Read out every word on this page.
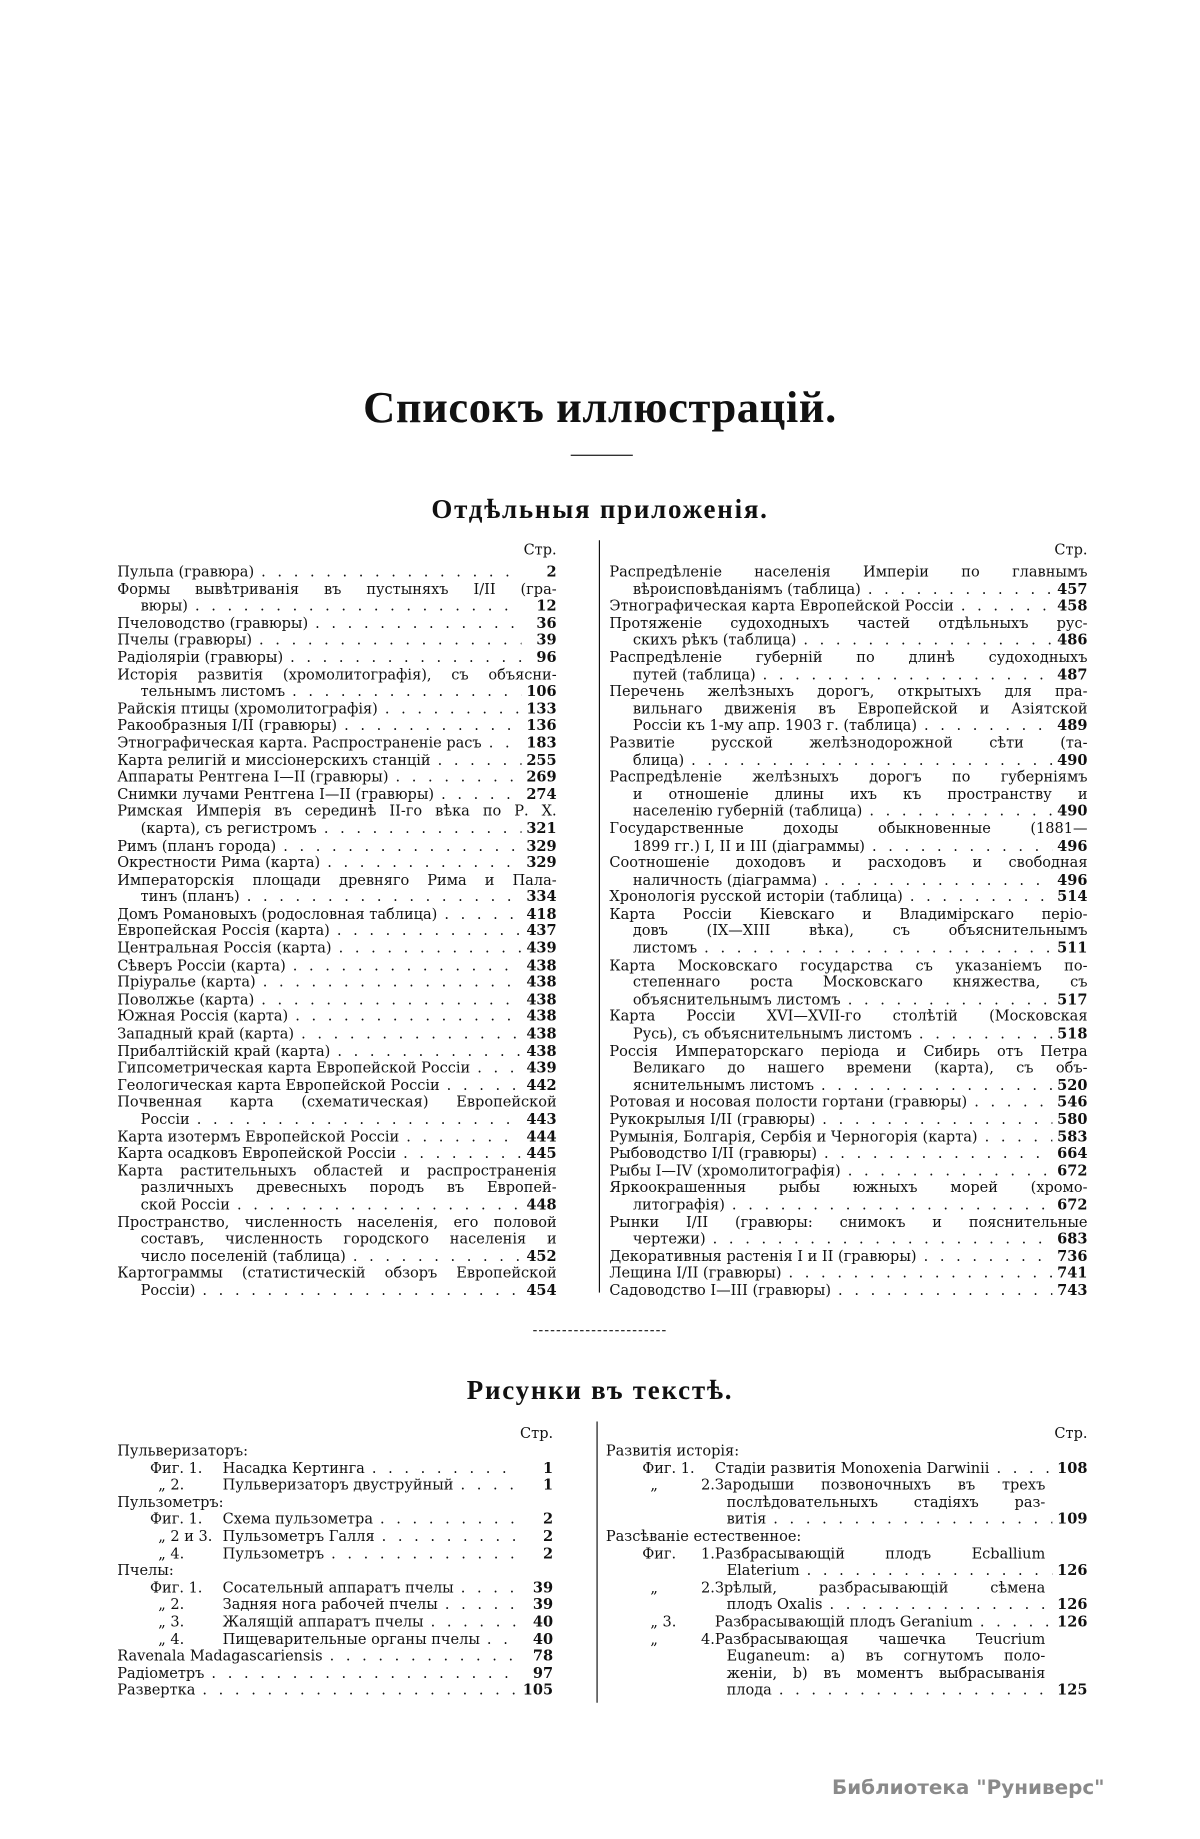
Списокъ иллюстрацій.
Отдѣльныя приложенія.
Стр.	Стр.
Пульпа (гравюра) . . .	2
Формы вывѣтриванія въ пустыняхъ I/II (гра-
вюры) . . .	12
Пчеловодство (гравюры) . . .	36
Пчелы (гравюры) . . .	39
Радіоляріи (гравюры) . . .	96
Исторія развитія (хромолитографія), съ объясни-
тельнымъ листомъ . . .	106
Райскія птицы (хромолитографія) . . .	133
Ракообразныя I/II (гравюры) . . .	136
Этнографическая карта. Распространеніе расъ . . .	183
Карта религій и миссіонерскихъ станцій . . .	255
Аппараты Рентгена I—II (гравюры) . . .	269
Снимки лучами Рентгена I—II (гравюры) . . .	274
Римская Имперія въ серединѣ II-го вѣка по Р. Х.
(карта), съ регистромъ . . .	321
Римъ (планъ города) . . .	329
Окрестности Рима (карта) . . .	329
Императорскія площади древняго Рима и Пала-
тинъ (планъ) . . .	334
Домъ Романовыхъ (родословная таблица) . . .	418
Европейская Россія (карта) . . .	437
Центральная Россія (карта) . . .	439
Сѣверъ Россіи (карта) . . .	438
Пріуралье (карта) . . .	438
Поволжье (карта) . . .	438
Южная Россія (карта) . . .	438
Западный край (карта) . . .	438
Прибалтійскій край (карта) . . .	438
Гипсометрическая карта Европейской Россіи . . .	439
Геологическая карта Европейской Россіи . . .	442
Почвенная карта (схематическая) Европейской
Россіи . . .	443
Карта изотермъ Европейской Россіи . . .	444
Карта осадковъ Европейской Россіи . . .	445
Карта растительныхъ областей и распространенія
различныхъ древесныхъ породъ въ Европей-
ской Россіи . . .	448
Пространство, численность населенія, его половой
составъ, численность городского населенія и
число поселеній (таблица) . . .	452
Картограммы (статистическій обзоръ Европейской
Россіи) . . .	454
Распредѣленіе населенія Имперіи по главнымъ
вѣроисповѣданіямъ (таблица) . . .	457
Этнографическая карта Европейской Россіи . . .	458
Протяженіе судоходныхъ частей отдѣльныхъ рус-
скихъ рѣкъ (таблица) . . .	486
Распредѣленіе губерній по длинѣ судоходныхъ
путей (таблица) . . .	487
Перечень желѣзныхъ дорогъ, открытыхъ для пра-
вильнаго движенія въ Европейской и Азіятской
Россіи къ 1-му апр. 1903 г. (таблица) . . .	489
Развитіе русской желѣзнодорожной сѣти (та-
блица) . . .	490
Распредѣленіе желѣзныхъ дорогъ по губерніямъ
и отношеніе длины ихъ къ пространству и
населенію губерній (таблица) . . .	490
Государственные доходы обыкновенные (1881—
1899 гг.) I, II и III (діаграммы) . . .	496
Соотношеніе доходовъ и расходовъ и свободная
наличность (діаграмма) . . .	496
Хронологія русской исторіи (таблица) . . .	514
Карта Россіи Кіевскаго и Владимірскаго періо-
довъ (IX—XIII вѣка), съ объяснительнымъ
листомъ . . .	511
Карта Московскаго государства съ указаніемъ по-
степеннаго роста Московскаго княжества, съ
объяснительнымъ листомъ . . .	517
Карта Россіи XVI—XVII-го столѣтій (Московская
Русь), съ объяснительнымъ листомъ . . .	518
Россія Императорскаго періода и Сибирь отъ Петра
Великаго до нашего времени (карта), съ объ-
яснительнымъ листомъ . . .	520
Ротовая и носовая полости гортани (гравюры) . . .	546
Рукокрылыя I/II (гравюры) . . .	580
Румынія, Болгарія, Сербія и Черногорія (карта) . . .	583
Рыбоводство I/II (гравюры) . . .	664
Рыбы I—IV (хромолитографія) . . .	672
Яркоокрашенныя рыбы южныхъ морей (хромо-
литографія) . . .	672
Рынки I/II (гравюры: снимокъ и пояснительные
чертежи) . . .	683
Декоративныя растенія I и II (гравюры) . . .	736
Лещина I/II (гравюры) . . .	741
Садоводство I—III (гравюры) . . .	743
Рисунки въ текстѣ.
Стр.	Стр.
Пульверизаторъ:
Фиг. 1. Насадка Кертинга . . .	1
„ 2.	Пульверизаторъ двуструйный . . .	1
Пульзометръ:
Фиг. 1. Схема пульзометра . . .	2
„ 2 и 3. Пульзометръ Галля . . .	2
„ 4.	Пульзометръ . . .	2
Пчелы:
Фиг. 1. Сосательный аппаратъ пчелы . . .	39
„ 2.	Задняя нога рабочей пчелы . . .	39
„ 3.	Жалящій аппаратъ пчелы . . .	40
„ 4.	Пищеварительные органы пчелы . . .	40
Ravenala Madagascariensis . . .	78
Радіометръ . . .	97
Развертка . . .	105
Развитія исторія:
Фиг. 1. Стадіи развитія Monoxenia Darwinii . . .	108
„ 2.Зародыши позвоночныхъ въ трехъ
послѣдовательныхъ стадіяхъ раз-
витія . . .	109
Разсѣваніе естественное:
Фиг. 1.Разбрасывающій плодъ Ecballium
Elaterium . . .	126
„ 2.Зрѣлый, разбрасывающій сѣмена
плодъ Oxalis . . .	126
„ 3.	Разбрасывающій плодъ Geranium . . .	126
„ 4.Разбрасывающая чашечка Teucrium
Euganeum: a) въ согнутомъ поло-
женіи, b) въ моментъ выбрасыванія
плода . . .	125
Библиотека "Руниверс"
